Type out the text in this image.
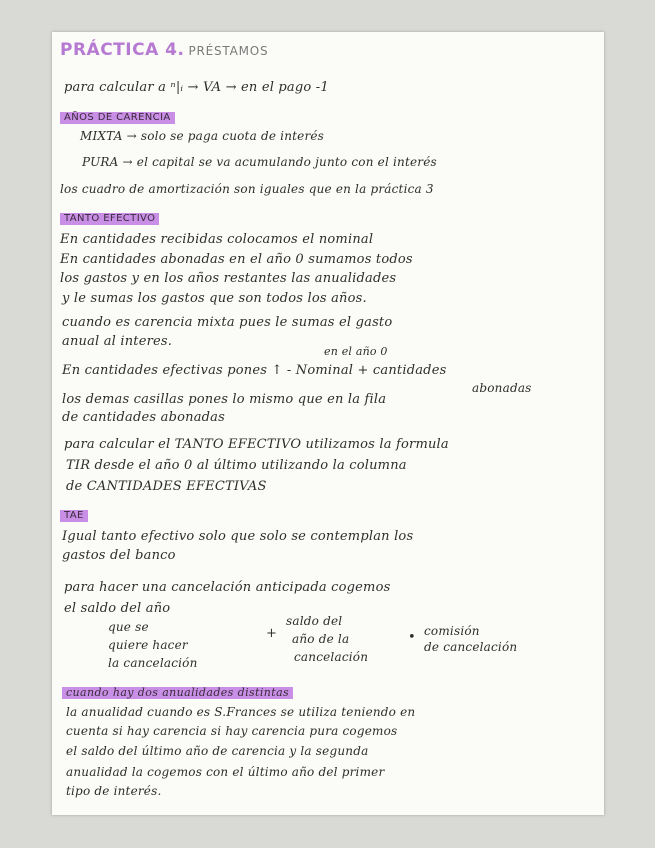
PRÁCTICA 4. PRÉSTAMOS
para calcular a ⁿ|ᵢ → VA → en el pago -1
AÑOS DE CARENCIA
MIXTA → solo se paga cuota de interés
PURA → el capital se va acumulando junto con el interés
los cuadro de amortización son iguales que en la práctica 3
TANTO EFECTIVO
En cantidades recibidas colocamos el nominal
En cantidades abonadas en el año 0 sumamos todos
los gastos y en los años restantes las anualidades
y le sumas los gastos que son todos los años.
cuando es carencia mixta pues le sumas el gasto
anual al interes.
en el año 0
En cantidades efectivas pones ↑ - Nominal + cantidades
abonadas
los demas casillas pones lo mismo que en la fila
de cantidades abonadas
para calcular el TANTO EFECTIVO utilizamos la formula
TIR desde el año 0 al último utilizando la columna
de CANTIDADES EFECTIVAS
TAE
Igual tanto efectivo solo que solo se contemplan los
gastos del banco
para hacer una cancelación anticipada cogemos
el saldo del año
que se
quiere hacer
la cancelación
+
saldo del
año de la
cancelación
• comisión
de cancelación
cuando hay dos anualidades distintas
la anualidad cuando es S.Frances se utiliza teniendo en
cuenta si hay carencia si hay carencia pura cogemos
el saldo del último año de carencia y la segunda
anualidad la cogemos con el último año del primer
tipo de interés.
